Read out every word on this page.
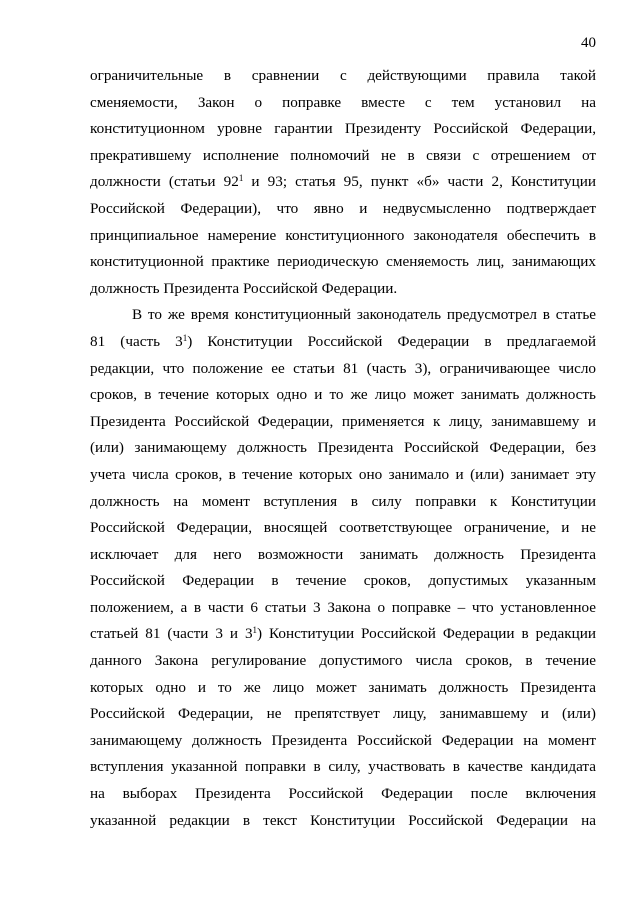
40
ограничительные в сравнении с действующими правила такой
сменяемости, Закон о поправке вместе с тем установил на
конституционном уровне гарантии Президенту Российской Федерации,
прекратившему исполнение полномочий не в связи с отрешением от
должности (статьи $92^1$ и 93; статья 95, пункт «б» части 2, Конституции
Российской Федерации), что явно и недвусмысленно подтверждает
принципиальное намерение конституционного законодателя обеспечить в
конституционной практике периодическую сменяемость лиц, занимающих
должность Президента Российской Федерации.
В то же время конституционный законодатель предусмотрел в статье
81 (часть $3^1$) Конституции Российской Федерации в предлагаемой
редакции, что положение ее статьи 81 (часть 3), ограничивающее число
сроков, в течение которых одно и то же лицо может занимать должность
Президента Российской Федерации, применяется к лицу, занимавшему и
(или) занимающему должность Президента Российской Федерации, без
учета числа сроков, в течение которых оно занимало и (или) занимает эту
должность на момент вступления в силу поправки к Конституции
Российской Федерации, вносящей соответствующее ограничение, и не
исключает для него возможности занимать должность Президента
Российской Федерации в течение сроков, допустимых указанным
положением, а в части 6 статьи 3 Закона о поправке – что установленное
статьей 81 (части 3 и $3^1$) Конституции Российской Федерации в редакции
данного Закона регулирование допустимого числа сроков, в течение
которых одно и то же лицо может занимать должность Президента
Российской Федерации, не препятствует лицу, занимавшему и (или)
занимающему должность Президента Российской Федерации на момент
вступления указанной поправки в силу, участвовать в качестве кандидата
на выборах Президента Российской Федерации после включения
указанной редакции в текст Конституции Российской Федерации на
